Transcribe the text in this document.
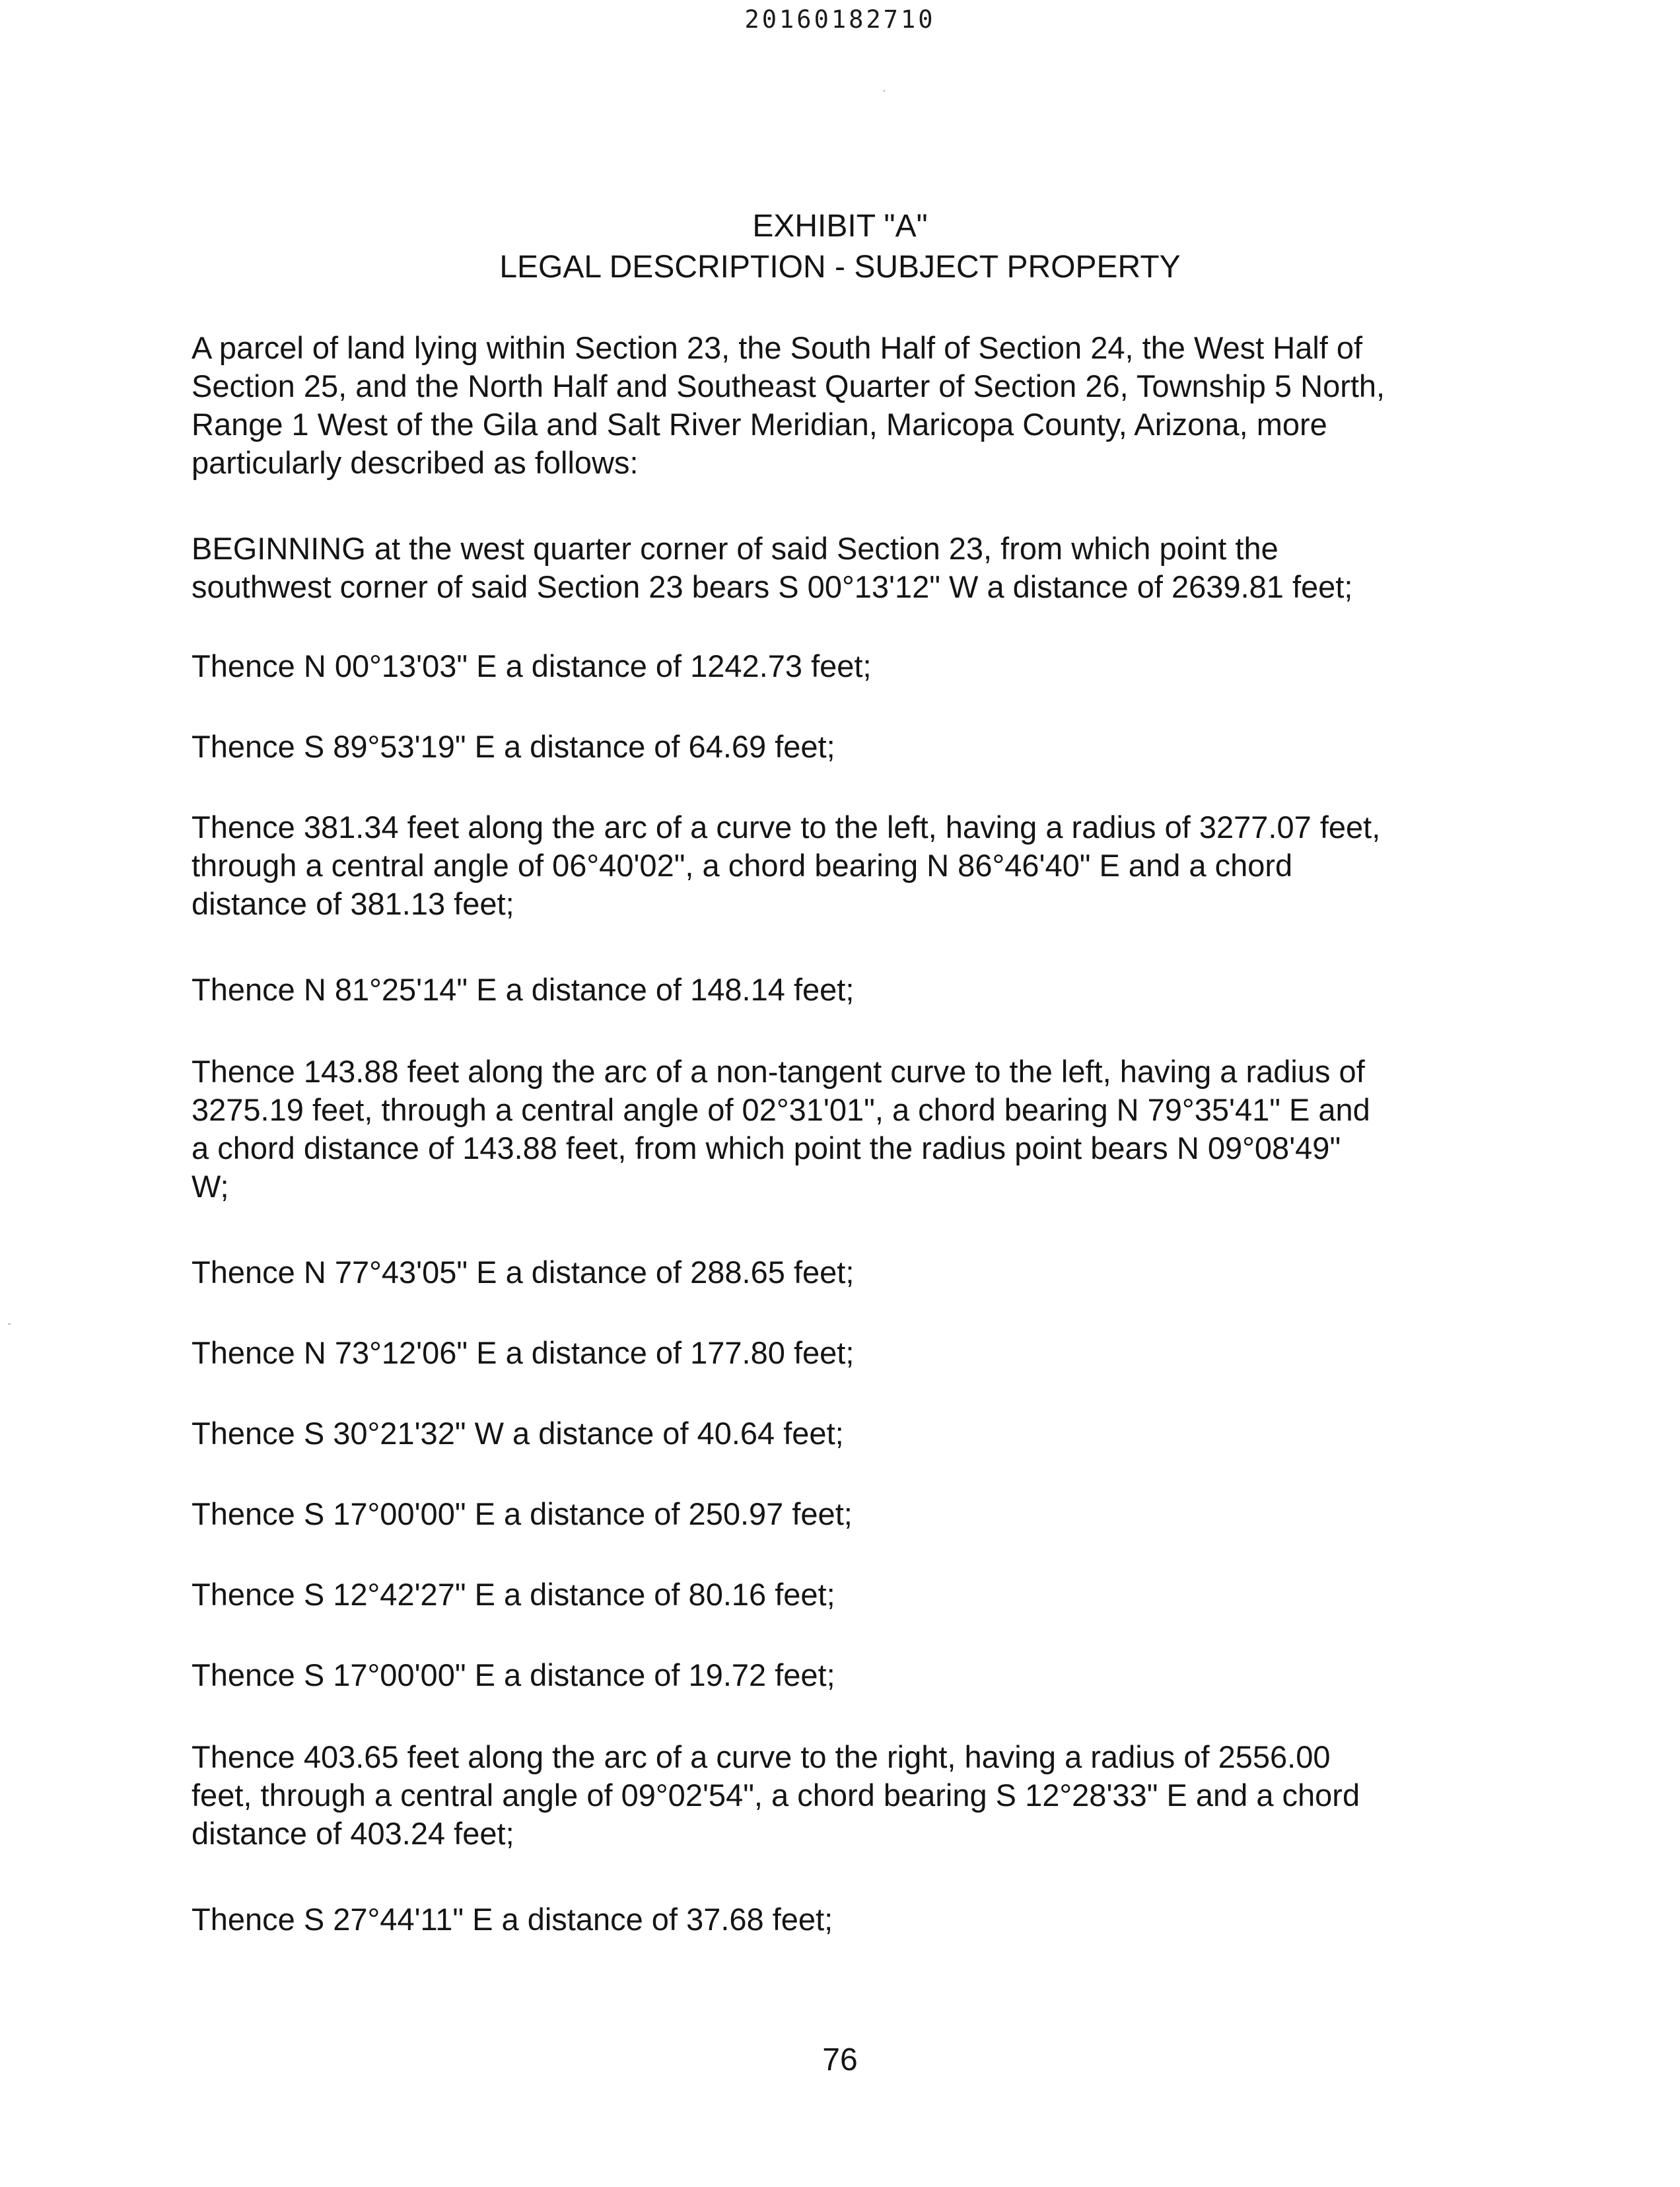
20160182710
EXHIBIT "A"
LEGAL DESCRIPTION - SUBJECT PROPERTY

A parcel of land lying within Section 23, the South Half of Section 24, the West Half of
Section 25, and the North Half and Southeast Quarter of Section 26, Township 5 North,
Range 1 West of the Gila and Salt River Meridian, Maricopa County, Arizona, more
particularly described as follows:

BEGINNING at the west quarter corner of said Section 23, from which point the
southwest corner of said Section 23 bears S 00°13'12" W a distance of 2639.81 feet;

Thence N 00°13'03" E a distance of 1242.73 feet;

Thence S 89°53'19" E a distance of 64.69 feet;

Thence 381.34 feet along the arc of a curve to the left, having a radius of 3277.07 feet,
through a central angle of 06°40'02", a chord bearing N 86°46'40" E and a chord
distance of 381.13 feet;

Thence N 81°25'14" E a distance of 148.14 feet;

Thence 143.88 feet along the arc of a non-tangent curve to the left, having a radius of
3275.19 feet, through a central angle of 02°31'01", a chord bearing N 79°35'41" E and
a chord distance of 143.88 feet, from which point the radius point bears N 09°08'49"
W;

Thence N 77°43'05" E a distance of 288.65 feet;

Thence N 73°12'06" E a distance of 177.80 feet;

Thence S 30°21'32" W a distance of 40.64 feet;

Thence S 17°00'00" E a distance of 250.97 feet;

Thence S 12°42'27" E a distance of 80.16 feet;

Thence S 17°00'00" E a distance of 19.72 feet;

Thence 403.65 feet along the arc of a curve to the right, having a radius of 2556.00
feet, through a central angle of 09°02'54", a chord bearing S 12°28'33" E and a chord
distance of 403.24 feet;

Thence S 27°44'11" E a distance of 37.68 feet;

76
